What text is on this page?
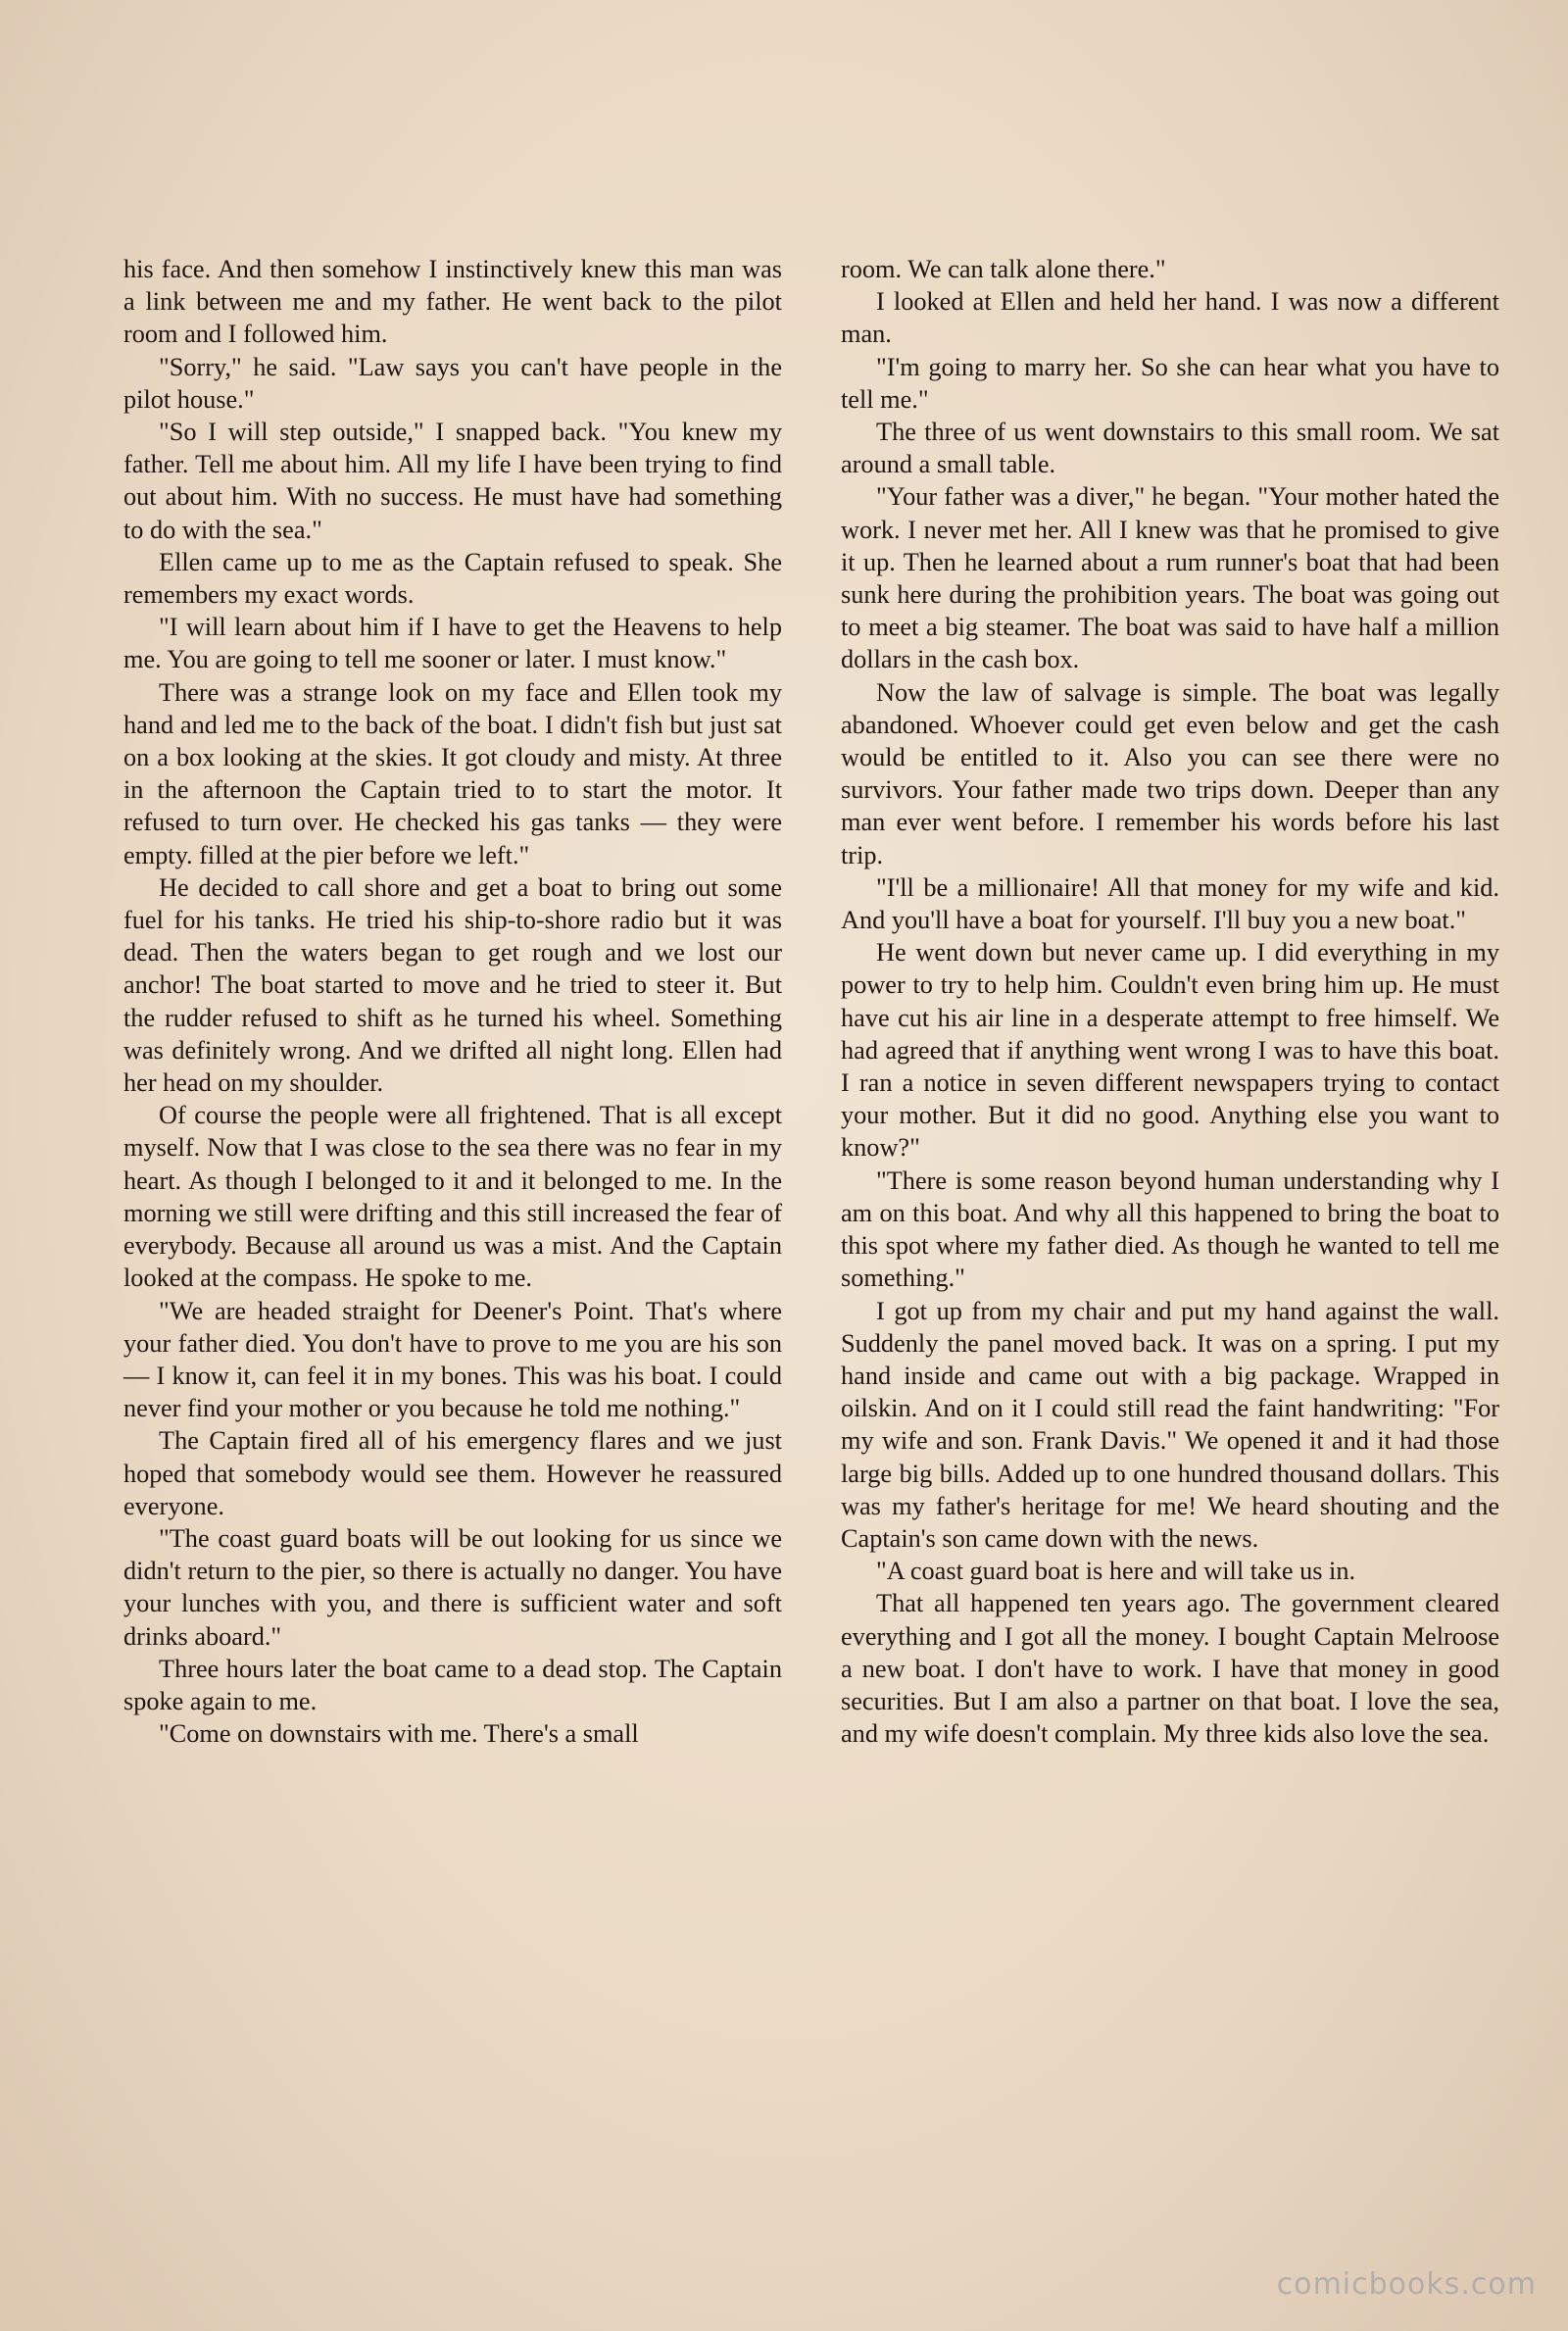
his face. And then somehow I instinctively knew this man was a link between me and my father. He went back to the pilot room and I followed him.

"Sorry," he said. "Law says you can't have people in the pilot house."

"So I will step outside," I snapped back. "You knew my father. Tell me about him. All my life I have been trying to find out about him. With no success. He must have had something to do with the sea."

Ellen came up to me as the Captain refused to speak. She remembers my exact words.

"I will learn about him if I have to get the Heavens to help me. You are going to tell me sooner or later. I must know."

There was a strange look on my face and Ellen took my hand and led me to the back of the boat. I didn't fish but just sat on a box looking at the skies. It got cloudy and misty. At three in the afternoon the Captain tried to to start the motor. It refused to turn over. He checked his gas tanks — they were empty. filled at the pier before we left."

He decided to call shore and get a boat to bring out some fuel for his tanks. He tried his ship-to-shore radio but it was dead. Then the waters began to get rough and we lost our anchor! The boat started to move and he tried to steer it. But the rudder refused to shift as he turned his wheel. Something was definitely wrong. And we drifted all night long. Ellen had her head on my shoulder.

Of course the people were all frightened. That is all except myself. Now that I was close to the sea there was no fear in my heart. As though I belonged to it and it belonged to me. In the morning we still were drifting and this still increased the fear of everybody. Because all around us was a mist. And the Captain looked at the compass. He spoke to me.

"We are headed straight for Deener's Point. That's where your father died. You don't have to prove to me you are his son — I know it, can feel it in my bones. This was his boat. I could never find your mother or you because he told me nothing."

The Captain fired all of his emergency flares and we just hoped that somebody would see them. However he reassured everyone.

"The coast guard boats will be out looking for us since we didn't return to the pier, so there is actually no danger. You have your lunches with you, and there is sufficient water and soft drinks aboard."

Three hours later the boat came to a dead stop. The Captain spoke again to me.

"Come on downstairs with me. There's a small

room. We can talk alone there."

I looked at Ellen and held her hand. I was now a different man.

"I'm going to marry her. So she can hear what you have to tell me."

The three of us went downstairs to this small room. We sat around a small table.

"Your father was a diver," he began. "Your mother hated the work. I never met her. All I knew was that he promised to give it up. Then he learned about a rum runner's boat that had been sunk here during the prohibition years. The boat was going out to meet a big steamer. The boat was said to have half a million dollars in the cash box.

Now the law of salvage is simple. The boat was legally abandoned. Whoever could get even below and get the cash would be entitled to it. Also you can see there were no survivors. Your father made two trips down. Deeper than any man ever went before. I remember his words before his last trip.

"I'll be a millionaire! All that money for my wife and kid. And you'll have a boat for yourself. I'll buy you a new boat."

He went down but never came up. I did everything in my power to try to help him. Couldn't even bring him up. He must have cut his air line in a desperate attempt to free himself. We had agreed that if anything went wrong I was to have this boat. I ran a notice in seven different newspapers trying to contact your mother. But it did no good. Anything else you want to know?"

"There is some reason beyond human understanding why I am on this boat. And why all this happened to bring the boat to this spot where my father died. As though he wanted to tell me something."

I got up from my chair and put my hand against the wall. Suddenly the panel moved back. It was on a spring. I put my hand inside and came out with a big package. Wrapped in oilskin. And on it I could still read the faint handwriting: "For my wife and son. Frank Davis." We opened it and it had those large big bills. Added up to one hundred thousand dollars. This was my father's heritage for me! We heard shouting and the Captain's son came down with the news.

"A coast guard boat is here and will take us in.

That all happened ten years ago. The government cleared everything and I got all the money. I bought Captain Melroose a new boat. I don't have to work. I have that money in good securities. But I am also a partner on that boat. I love the sea, and my wife doesn't complain. My three kids also love the sea.

comicbooks.com
